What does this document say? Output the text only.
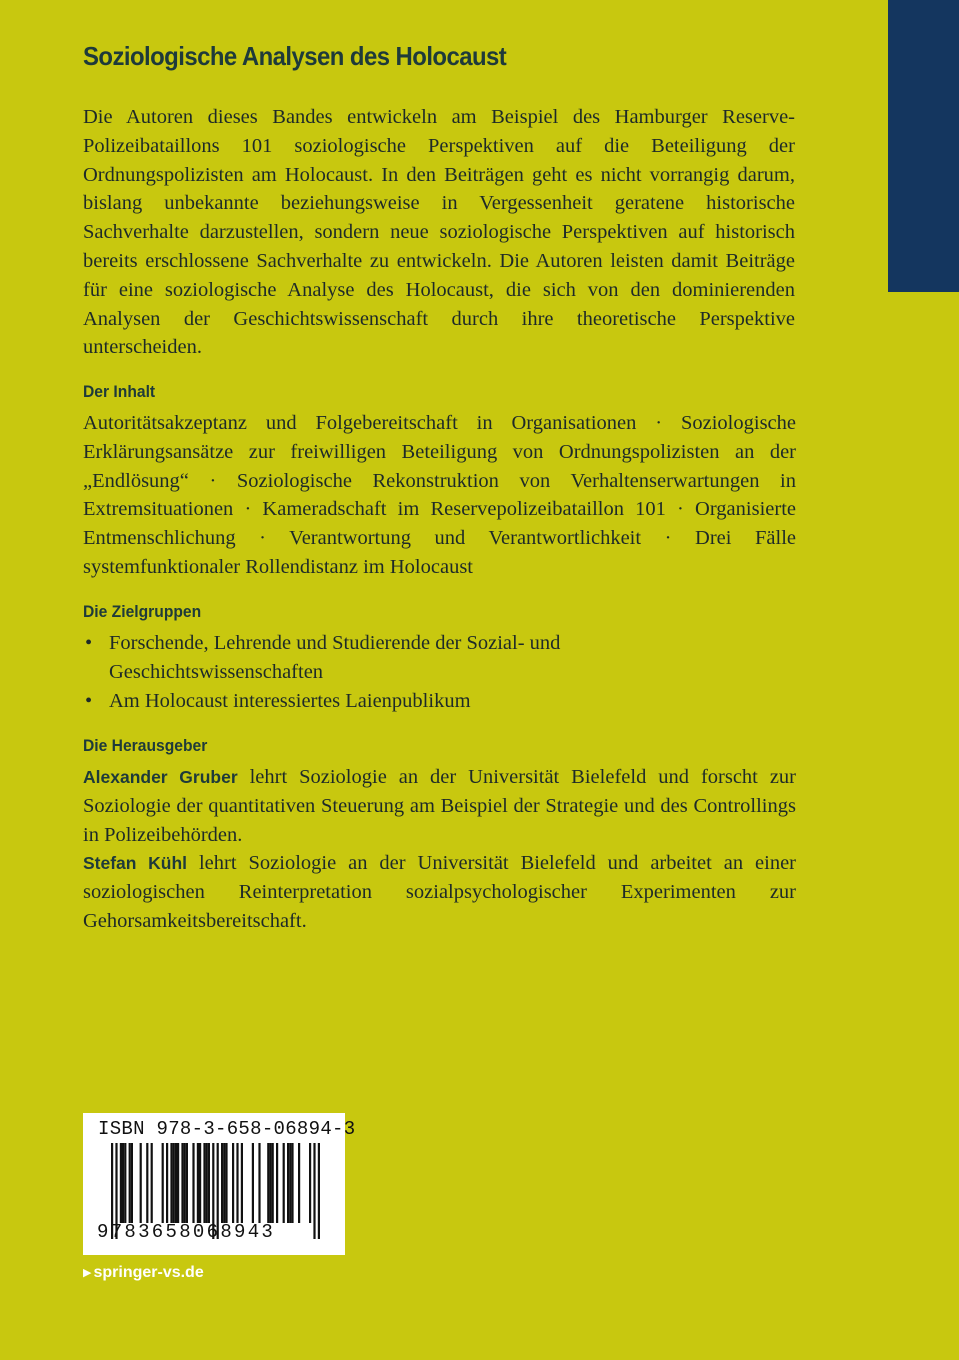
Soziologische Analysen des Holocaust

Die Autoren dieses Bandes entwickeln am Beispiel des Hamburger Reserve-Polizeibataillons 101 soziologische Perspektiven auf die Beteiligung der Ordnungspolizisten am Holocaust. In den Beiträgen geht es nicht vorrangig darum, bislang unbekannte beziehungsweise in Vergessenheit geratene historische Sachverhalte darzustellen, sondern neue soziologische Perspektiven auf historisch bereits erschlossene Sachverhalte zu entwickeln. Die Autoren leisten damit Beiträge für eine soziologische Analyse des Holocaust, die sich von den dominierenden Analysen der Geschichtswissenschaft durch ihre theoretische Perspektive unterscheiden.

Der Inhalt

Autoritätsakzeptanz und Folgebereitschaft in Organisationen · Soziologische Erklärungsansätze zur freiwilligen Beteiligung von Ordnungspolizisten an der „Endlösung“ · Soziologische Rekonstruktion von Verhaltenserwartungen in Extremsituationen · Kameradschaft im Reservepolizeibataillon 101 · Organisierte Entmenschlichung · Verantwortung und Verantwortlichkeit · Drei Fälle systemfunktionaler Rollendistanz im Holocaust

Die Zielgruppen
• Forschende, Lehrende und Studierende der Sozial- und Geschichtswissenschaften
• Am Holocaust interessiertes Laienpublikum
Die Herausgeber

Alexander Gruber lehrt Soziologie an der Universität Bielefeld und forscht zur Soziologie der quantitativen Steuerung am Beispiel der Strategie und des Controllings in Polizeibehörden.

Stefan Kühl lehrt Soziologie an der Universität Bielefeld und arbeitet an einer soziologischen Reinterpretation sozialpsychologischer Experimenten zur Gehorsamkeitsbereitschaft.

ISBN 978-3-658-06894-3
9783658068943
▶ springer-vs.de
